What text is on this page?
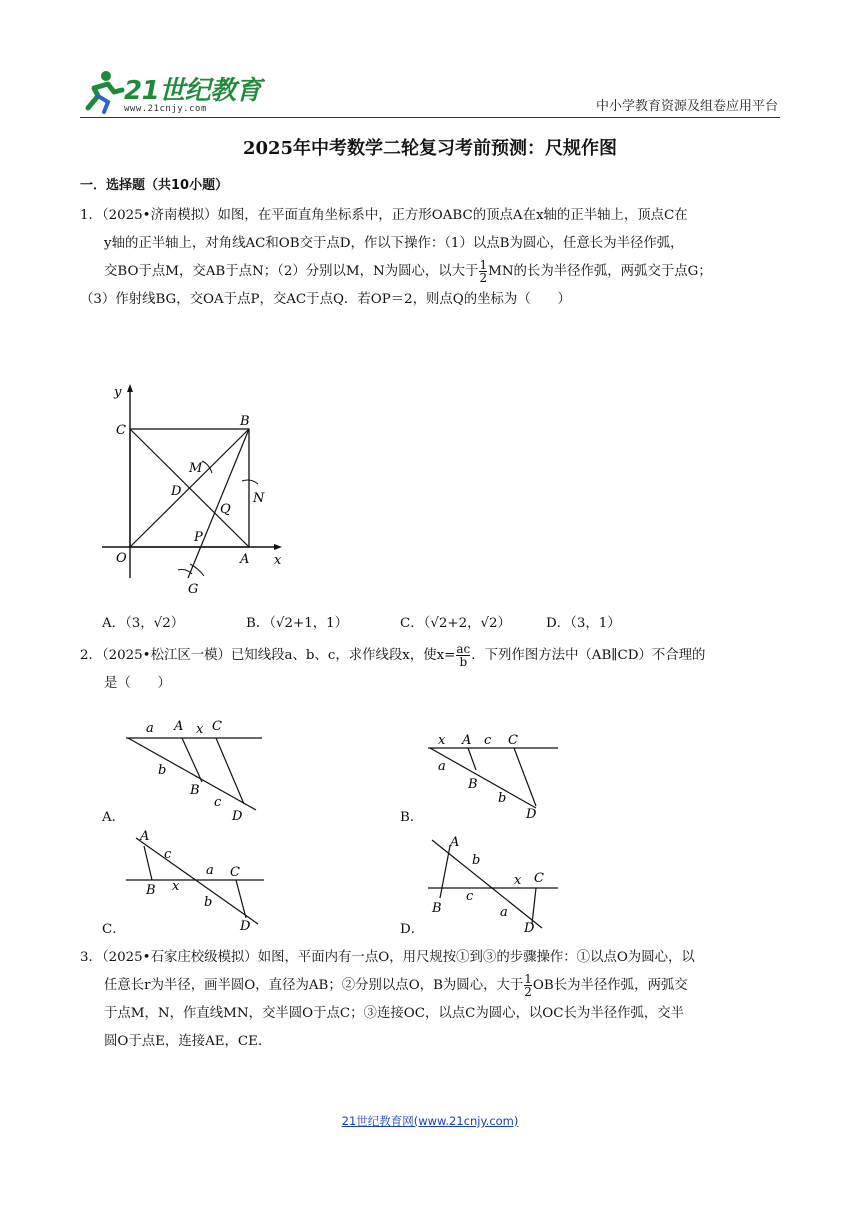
21世纪教育
www.21cnjy.com	中小学教育资源及组卷应用平台
2025年中考数学二轮复习考前预测：尺规作图
一．选择题（共10小题）
1．（2025•济南模拟）如图，在平面直角坐标系中，正方形OABC的顶点A在x轴的正半轴上，顶点C在
y轴的正半轴上，对角线AC和OB交于点D，作以下操作：（1）以点B为圆心，任意长为半径作弧，
交BO于点M，交AB于点N；（2）分别以M，N为圆心，以大于 $\frac{1}{2}$ MN的长为半径作弧，两弧交于点G；
（3）作射线BG，交OA于点P，交AC于点Q．若OP＝2，则点Q的坐标为（　　）
y
x
O	A
B
C
D
M
N
P
Q
G
A．（3，√2）	B．（√2+1，1）	C．（√2+2，√2）	D．（3，1）
2．（2025•松江区一模）已知线段a、b、c，求作线段x，使$x= \frac{ac}{b}$ ．下列作图方法中（AB∥CD）不合理的
是（　　）
a A x C
b
B
c
D
A．
x A c C
a
B
b
D
B．
A
c
a C
B x
b
D
C．
A
b
x C
B
c
a
D
D．
3．（2025•石家庄校级模拟）如图，平面内有一点O，用尺规按①到③的步骤操作：①以点O为圆心，以
任意长r为半径，画半圆O，直径为AB；②分别以点O，B为圆心，大于 $\frac{1}{2}$ OB长为半径作弧，两弧交
于点M，N，作直线MN，交半圆O于点C；③连接OC，以点C为圆心，以OC长为半径作弧，交半
圆O于点E，连接AE，CE．
21世纪教育网(www.21cnjy.com)
